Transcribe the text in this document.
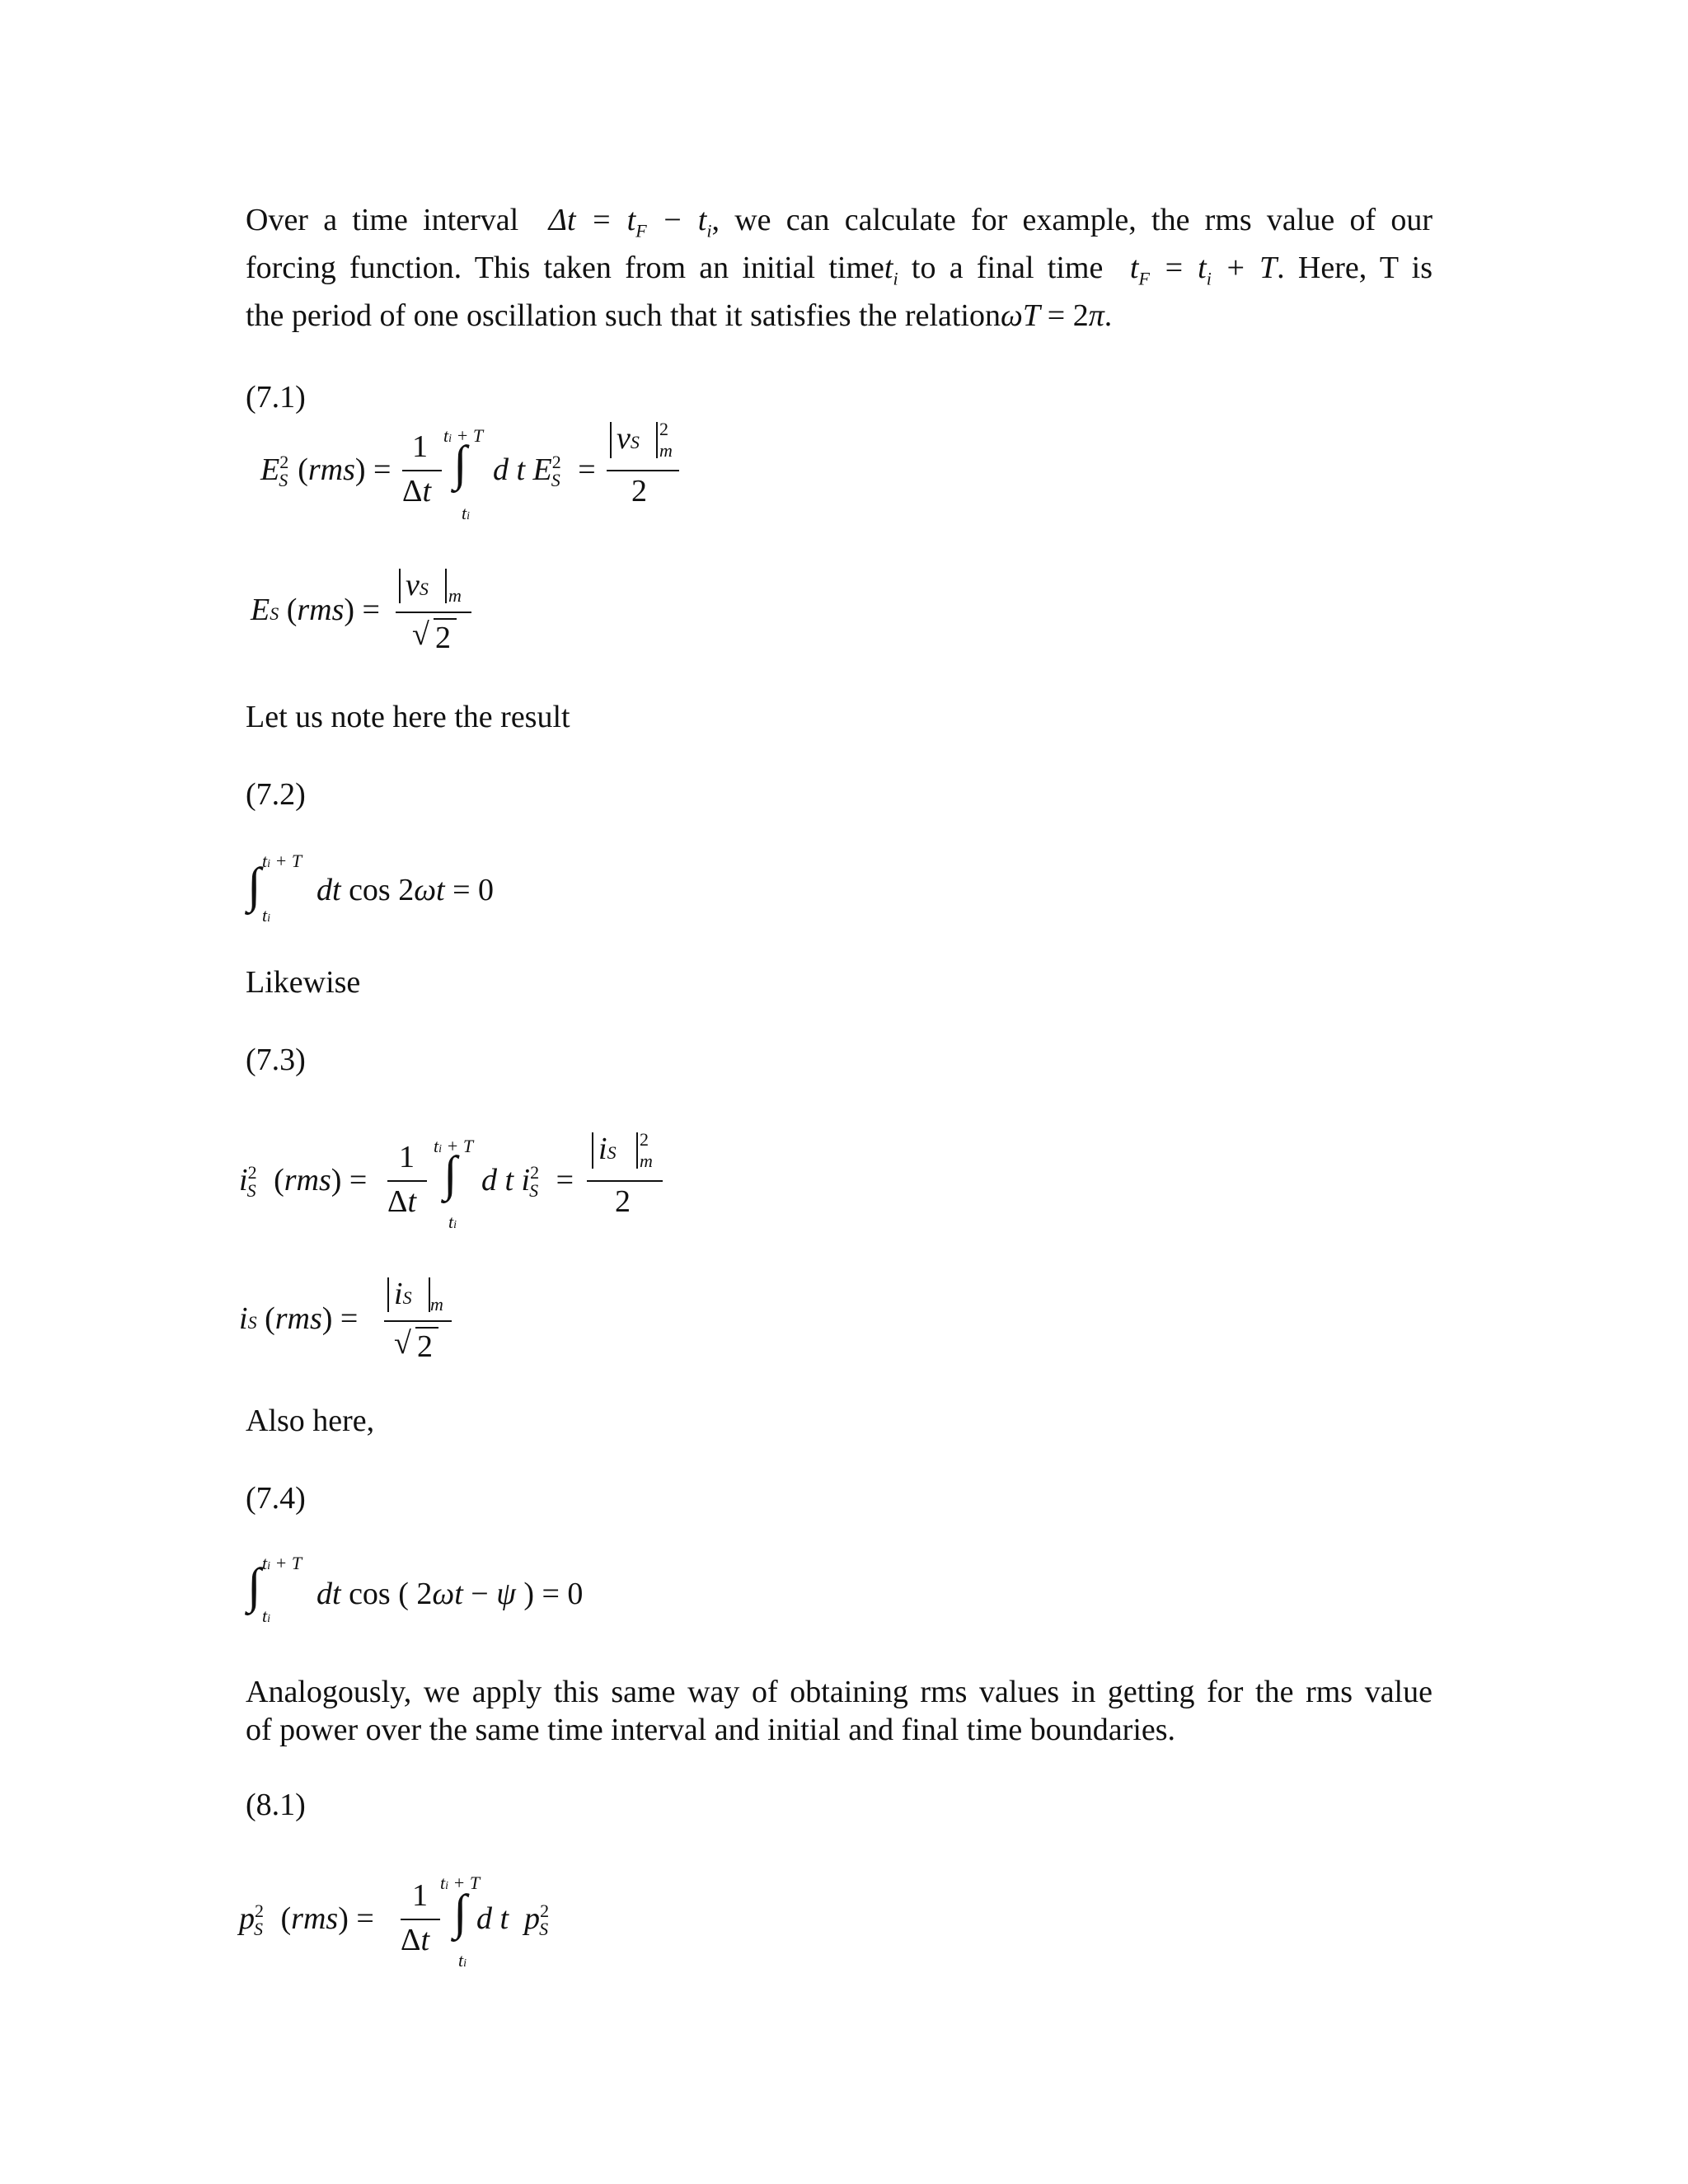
Over a time interval  $\Delta t = t_F - t_i$, we can calculate for example, the rms value of our
forcing function. This taken from an initial timet$_i$ to a final time  $t_F = t_i + T$. Here, T is
the period of one oscillation such that it satisfies the relationωT = 2π.
(7.1)
$E^2_S$ (rms) =
1
Δt
ti + T
∫
ti
d t $E^2_S$ =
vS
2
m
2
ES (rms) =
vS m
√ 2
Let us note here the result
(7.2)
∫ ti + T
ti
dt cos 2ωt = 0
Likewise
(7.3)
$i^2_S$ (rms) =
1
Δt
ti + T
∫
ti
d t $i^2_S$ =
iS
2
m
2
iS (rms) =
iS m
√ 2
Also here,
(7.4)
∫ ti + T
ti
dt cos ( 2ωt − ψ ) = 0
Analogously, we apply this same way of obtaining rms values in getting for the rms value
of power over the same time interval and initial and final time boundaries.
(8.1)
$p^2_S$ (rms) =
1
Δt
ti + T
∫
ti
d t  $p^2_S$
